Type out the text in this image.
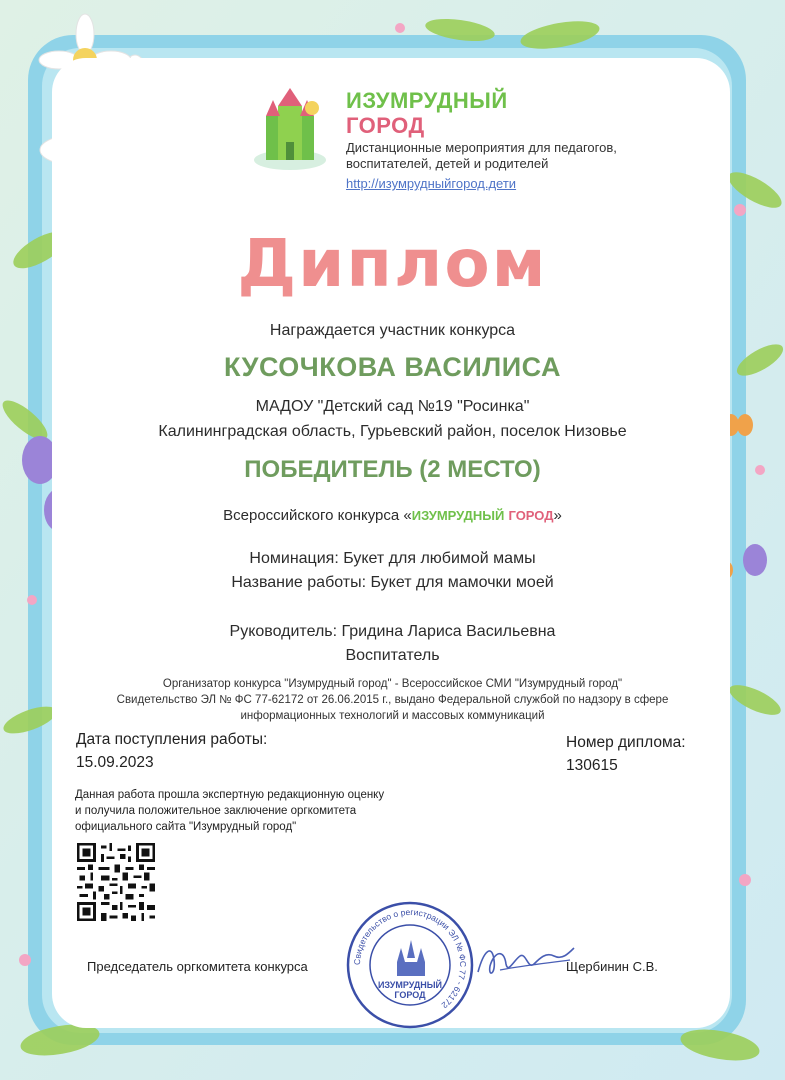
ИЗУМРУДНЫЙ
ГОРОД
Дистанционные мероприятия для педагогов, воспитателей, детей и родителей
http://изумрудныйгород.дети
Диплом
Награждается участник конкурса
КУСОЧКОВА ВАСИЛИСА
МАДОУ "Детский сад №19 "Росинка"
Калининградская область, Гурьевский район, поселок Низовье
ПОБЕДИТЕЛЬ (2 МЕСТО)
Всероссийского конкурса «ИЗУМРУДНЫЙ ГОРОД»
Номинация: Букет для любимой мамы
Название работы: Букет для мамочки моей
Руководитель: Гридина Лариса Васильевна
Воспитатель
Организатор конкурса "Изумрудный город" - Всероссийское СМИ "Изумрудный город"
Свидетельство ЭЛ № ФС 77-62172 от 26.06.2015 г., выдано Федеральной службой по надзору в сфере
информационных технологий и массовых коммуникаций
Дата поступления работы:
15.09.2023
Номер диплома:
130615
Данная работа прошла экспертную редакционную оценку
и получила положительное заключение оргкомитета
официального сайта "Изумрудный город"
Председатель оргкомитета конкурса	Свидетельство о регистрации ЭЛ № ФС 77 - 62172
ИЗУМРУДНЫЙ
ГОРОД
Щербинин С.В.
